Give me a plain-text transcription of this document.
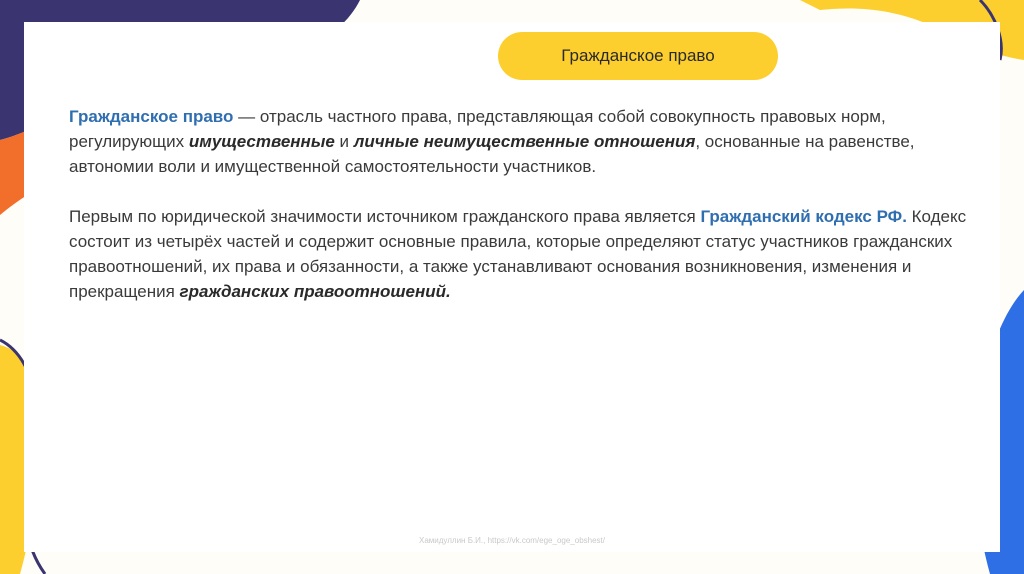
Гражданское право

Гражданское право — отрасль частного права, представляющая собой совокупность правовых норм, регулирующих имущественные и личные неимущественные отношения, основанные на равенстве, автономии воли и имущественной самостоятельности участников.

Первым по юридической значимости источником гражданского права является Гражданский кодекс РФ. Кодекс состоит из четырёх частей и содержит основные правила, которые определяют статус участников гражданских правоотношений, их права и обязанности, а также устанавливают основания возникновения, изменения и прекращения гражданских правоотношений.

Хамидуллин Б.И., https://vk.com/ege_oge_obshest/
